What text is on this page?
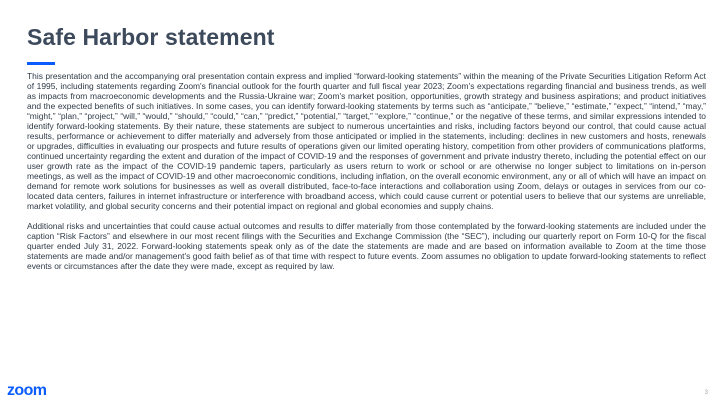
Safe Harbor statement

This presentation and the accompanying oral presentation contain express and implied “forward-looking statements” within the meaning of the Private Securities Litigation Reform Act of 1995, including statements regarding Zoom's financial outlook for the fourth quarter and full fiscal year 2023; Zoom's expectations regarding financial and business trends, as well as impacts from macroeconomic developments and the Russia-Ukraine war; Zoom's market position, opportunities, growth strategy and business aspirations; and product initiatives and the expected benefits of such initiatives. In some cases, you can identify forward-looking statements by terms such as “anticipate,” “believe,” “estimate,” “expect,” “intend,” “may,” “might,” “plan,” “project,” “will,” “would,” “should,” “could,” “can,” “predict,” “potential,” “target,” “explore,” “continue,” or the negative of these terms, and similar expressions intended to identify forward-looking statements. By their nature, these statements are subject to numerous uncertainties and risks, including factors beyond our control, that could cause actual results, performance or achievement to differ materially and adversely from those anticipated or implied in the statements, including: declines in new customers and hosts, renewals or upgrades, difficulties in evaluating our prospects and future results of operations given our limited operating history, competition from other providers of communications platforms, continued uncertainty regarding the extent and duration of the impact of COVID-19 and the responses of government and private industry thereto, including the potential effect on our user growth rate as the impact of the COVID-19 pandemic tapers, particularly as users return to work or school or are otherwise no longer subject to limitations on in-person meetings, as well as the impact of COVID-19 and other macroeconomic conditions, including inflation, on the overall economic environment, any or all of which will have an impact on demand for remote work solutions for businesses as well as overall distributed, face-to-face interactions and collaboration using Zoom, delays or outages in services from our co-located data centers, failures in internet infrastructure or interference with broadband access, which could cause current or potential users to believe that our systems are unreliable, market volatility, and global security concerns and their potential impact on regional and global economies and supply chains.

Additional risks and uncertainties that could cause actual outcomes and results to differ materially from those contemplated by the forward-looking statements are included under the caption “Risk Factors” and elsewhere in our most recent filings with the Securities and Exchange Commission (the “SEC”), including our quarterly report on Form 10-Q for the fiscal quarter ended July 31, 2022. Forward-looking statements speak only as of the date the statements are made and are based on information available to Zoom at the time those statements are made and/or management's good faith belief as of that time with respect to future events. Zoom assumes no obligation to update forward-looking statements to reflect events or circumstances after the date they were made, except as required by law.

zoom	3
